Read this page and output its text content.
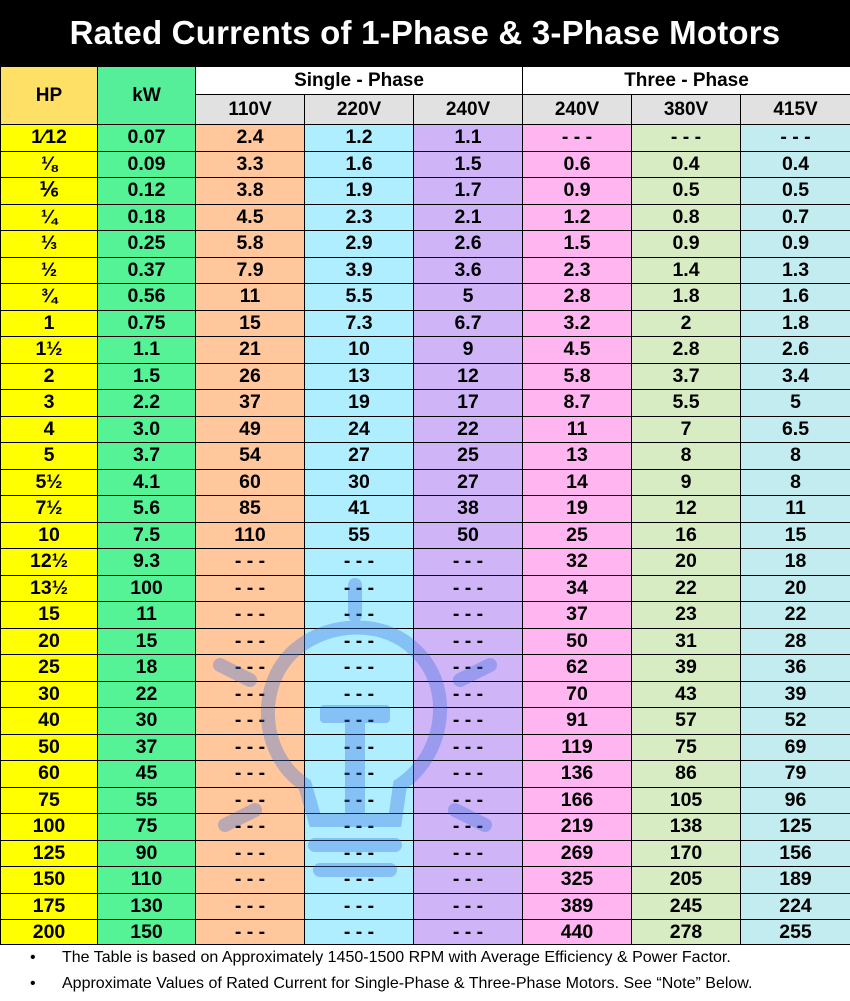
Rated Currents of 1-Phase & 3-Phase Motors
HP	kW	Single - Phase			Three - Phase		
		110V	220V	240V	240V	380V	415V
1⁄12	0.07	2.4	1.2	1.1	- - -	- - -	- - -
⅛	0.09	3.3	1.6	1.5	0.6	0.4	0.4
⅙	0.12	3.8	1.9	1.7	0.9	0.5	0.5
¼	0.18	4.5	2.3	2.1	1.2	0.8	0.7
⅓	0.25	5.8	2.9	2.6	1.5	0.9	0.9
½	0.37	7.9	3.9	3.6	2.3	1.4	1.3
¾	0.56	11	5.5	5	2.8	1.8	1.6
1	0.75	15	7.3	6.7	3.2	2	1.8
1½	1.1	21	10	9	4.5	2.8	2.6
2	1.5	26	13	12	5.8	3.7	3.4
3	2.2	37	19	17	8.7	5.5	5
4	3.0	49	24	22	11	7	6.5
5	3.7	54	27	25	13	8	8
5½	4.1	60	30	27	14	9	8
7½	5.6	85	41	38	19	12	11
10	7.5	110	55	50	25	16	15
12½	9.3	- - -	- - -	- - -	32	20	18
13½	100	- - -	- - -	- - -	34	22	20
15	11	- - -	- - -	- - -	37	23	22
20	15	- - -	- - -	- - -	50	31	28
25	18	- - -	- - -	- - -	62	39	36
30	22	- - -	- - -	- - -	70	43	39
40	30	- - -	- - -	- - -	91	57	52
50	37	- - -	- - -	- - -	119	75	69
60	45	- - -	- - -	- - -	136	86	79
75	55	- - -	- - -	- - -	166	105	96
100	75	- - -	- - -	- - -	219	138	125
125	90	- - -	- - -	- - -	269	170	156
150	110	- - -	- - -	- - -	325	205	189
175	130	- - -	- - -	- - -	389	245	224
200	150	- - -	- - -	- - -	440	278	255
• The Table is based on Approximately 1450-1500 RPM with Average Efficiency & Power Factor.
• Approximate Values of Rated Current for Single-Phase & Three-Phase Motors. See “Note” Below.
